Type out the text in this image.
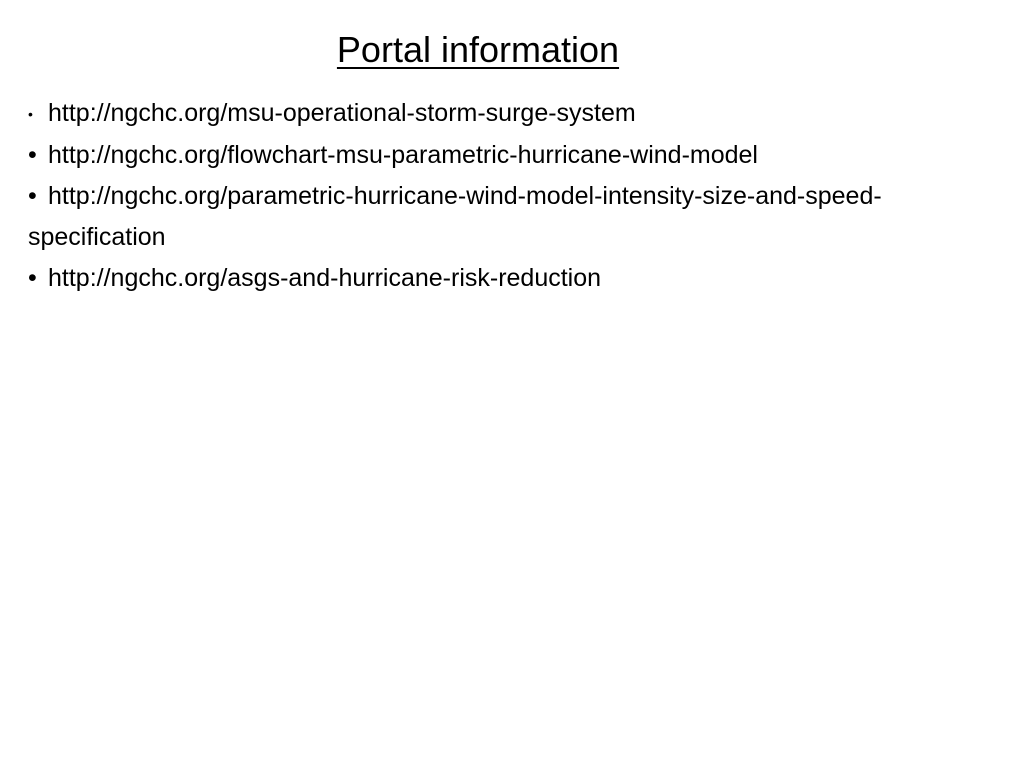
Portal information
• http://ngchc.org/msu-operational-storm-surge-system
• http://ngchc.org/flowchart-msu-parametric-hurricane-wind-model
• http://ngchc.org/parametric-hurricane-wind-model-intensity-size-and-speed-specification
• http://ngchc.org/asgs-and-hurricane-risk-reduction
